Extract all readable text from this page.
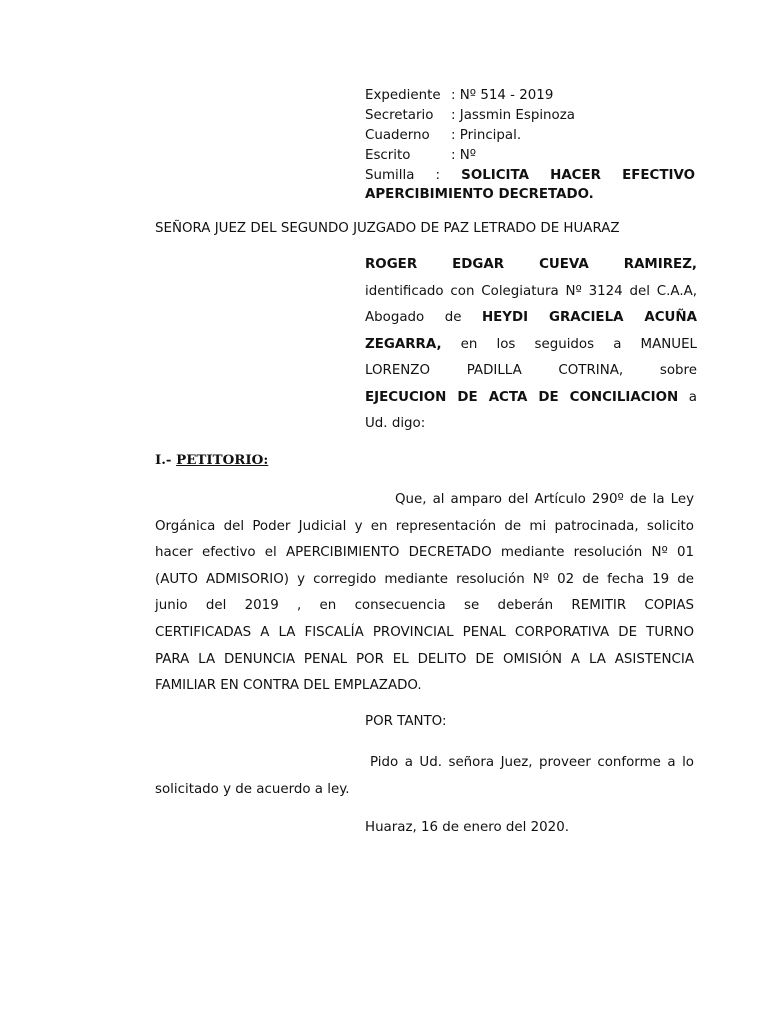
Expediente : Nº 514 - 2019
Secretario : Jassmin Espinoza
Cuaderno : Principal.
Escrito	: Nº
Sumilla : SOLICITA HACER EFECTIVO
APERCIBIMIENTO DECRETADO.
SEÑORA JUEZ DEL SEGUNDO JUZGADO DE PAZ LETRADO DE HUARAZ
ROGER EDGAR CUEVA RAMIREZ,
identificado con Colegiatura Nº 3124 del C.A.A,
Abogado de HEYDI GRACIELA ACUÑA
ZEGARRA, en los seguidos a MANUEL
LORENZO PADILLA COTRINA, sobre
EJECUCION DE ACTA DE CONCILIACION a
Ud. digo:
I.- PETITORIO:
Que, al amparo del Artículo 290º de la Ley
Orgánica del Poder Judicial y en representación de mi patrocinada, solicito
hacer efectivo el APERCIBIMIENTO DECRETADO mediante resolución Nº 01
(AUTO ADMISORIO) y corregido mediante resolución Nº 02 de fecha 19 de
junio del 2019 , en consecuencia se deberán REMITIR COPIAS
CERTIFICADAS A LA FISCALÍA PROVINCIAL PENAL CORPORATIVA DE TURNO
PARA LA DENUNCIA PENAL POR EL DELITO DE OMISIÓN A LA ASISTENCIA
FAMILIAR EN CONTRA DEL EMPLAZADO.
POR TANTO:
Pido a Ud. señora Juez, proveer conforme a lo
solicitado y de acuerdo a ley.
Huaraz, 16 de enero del 2020.
